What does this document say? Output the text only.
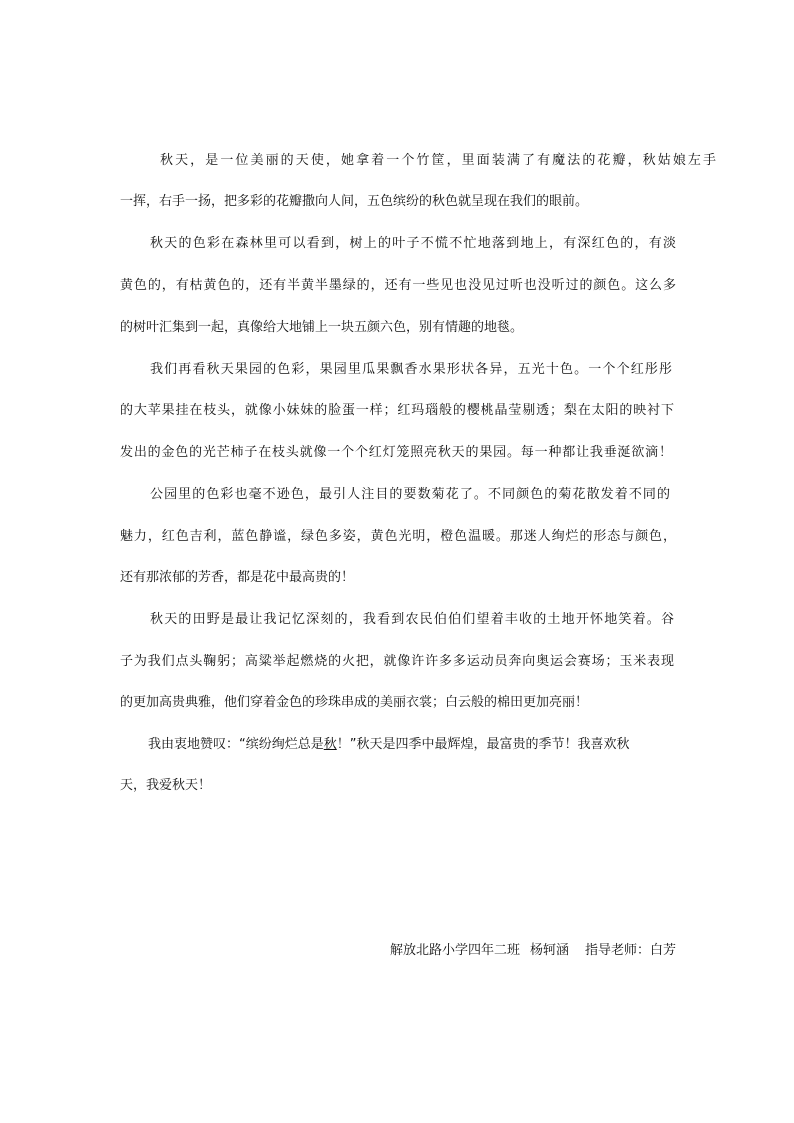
秋天，是一位美丽的天使，她拿着一个竹筐，里面装满了有魔法的花瓣，秋姑娘左手
一挥，右手一扬，把多彩的花瓣撒向人间，五色缤纷的秋色就呈现在我们的眼前。
秋天的色彩在森林里可以看到，树上的叶子不慌不忙地落到地上，有深红色的，有淡
黄色的，有枯黄色的，还有半黄半墨绿的，还有一些见也没见过听也没听过的颜色。这么多
的树叶汇集到一起，真像给大地铺上一块五颜六色，别有情趣的地毯。
我们再看秋天果园的色彩，果园里瓜果飘香水果形状各异，五光十色。一个个红彤彤
的大苹果挂在枝头，就像小妹妹的脸蛋一样；红玛瑙般的樱桃晶莹剔透；梨在太阳的映衬下
发出的金色的光芒柿子在枝头就像一个个红灯笼照亮秋天的果园。每一种都让我垂涎欲滴！
公园里的色彩也毫不逊色，最引人注目的要数菊花了。不同颜色的菊花散发着不同的
魅力，红色吉利，蓝色静谧，绿色多姿，黄色光明，橙色温暖。那迷人绚烂的形态与颜色，
还有那浓郁的芳香，都是花中最高贵的！
秋天的田野是最让我记忆深刻的，我看到农民伯伯们望着丰收的土地开怀地笑着。谷
子为我们点头鞠躬；高粱举起燃烧的火把，就像许许多多运动员奔向奥运会赛场；玉米表现
的更加高贵典雅，他们穿着金色的珍珠串成的美丽衣裳；白云般的棉田更加亮丽！
我由衷地赞叹：“缤纷绚烂总是秋！”秋天是四季中最辉煌，最富贵的季节！我喜欢秋
天，我爱秋天！
解放北路小学四年二班 杨轲涵 指导老师：白芳
